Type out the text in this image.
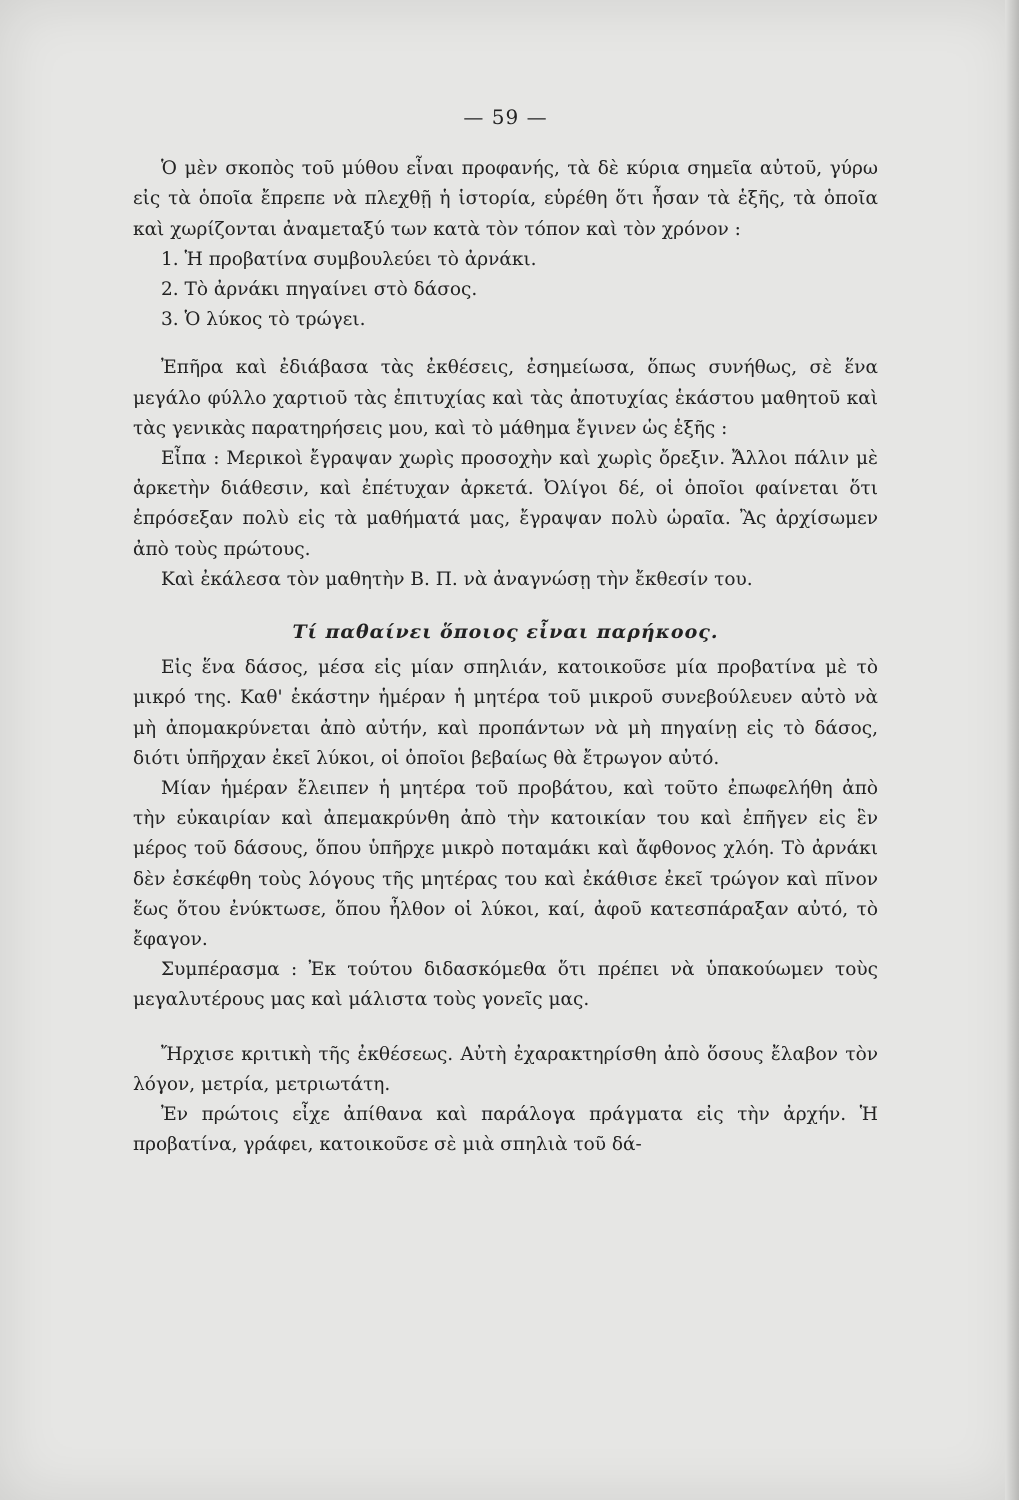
— 59 —

Ὁ μὲν σκοπὸς τοῦ μύθου εἶναι προφανής, τὰ δὲ κύρια σημεῖα αὐτοῦ, γύρω εἰς τὰ ὁποῖα ἔπρεπε νὰ πλεχθῇ ἡ ἱστορία, εὑρέθη ὅτι ἦσαν τὰ ἑξῆς, τὰ ὁποῖα καὶ χωρίζονται ἀναμεταξύ των κατὰ τὸν τόπον καὶ τὸν χρόνον :

1. Ἡ προβατίνα συμβουλεύει τὸ ἀρνάκι.

2. Τὸ ἀρνάκι πηγαίνει στὸ δάσος.

3. Ὁ λύκος τὸ τρώγει.

Ἐπῆρα καὶ ἐδιάβασα τὰς ἐκθέσεις, ἐσημείωσα, ὅπως συνήθως, σὲ ἕνα μεγάλο φύλλο χαρτιοῦ τὰς ἐπιτυχίας καὶ τὰς ἀποτυχίας ἑκάστου μαθητοῦ καὶ τὰς γενικὰς παρατηρήσεις μου, καὶ τὸ μάθημα ἔγινεν ὡς ἑξῆς :

Εἶπα : Μερικοὶ ἔγραψαν χωρὶς προσοχὴν καὶ χωρὶς ὄρεξιν. Ἄλλοι πάλιν μὲ ἀρκετὴν διάθεσιν, καὶ ἐπέτυχαν ἀρκετά. Ὀλίγοι δέ, οἱ ὁποῖοι φαίνεται ὅτι ἐπρόσεξαν πολὺ εἰς τὰ μαθήματά μας, ἔγραψαν πολὺ ὡραῖα. Ἂς ἀρχίσωμεν ἀπὸ τοὺς πρώτους.

Καὶ ἐκάλεσα τὸν μαθητὴν Β. Π. νὰ ἀναγνώσῃ τὴν ἔκθεσίν του.

Τί παθαίνει ὅποιος εἶναι παρήκοος.

Εἰς ἕνα δάσος, μέσα εἰς μίαν σπηλιάν, κατοικοῦσε μία προβατίνα μὲ τὸ μικρό της. Καθ' ἑκάστην ἡμέραν ἡ μητέρα τοῦ μικροῦ συνεβούλευεν αὐτὸ νὰ μὴ ἀπομακρύνεται ἀπὸ αὐτήν, καὶ προπάντων νὰ μὴ πηγαίνῃ εἰς τὸ δάσος, διότι ὑπῆρχαν ἐκεῖ λύκοι, οἱ ὁποῖοι βεβαίως θὰ ἔτρωγον αὐτό.

Μίαν ἡμέραν ἔλειπεν ἡ μητέρα τοῦ προβάτου, καὶ τοῦτο ἐπωφελήθη ἀπὸ τὴν εὐκαιρίαν καὶ ἀπεμακρύνθη ἀπὸ τὴν κατοικίαν του καὶ ἐπῆγεν εἰς ἓν μέρος τοῦ δάσους, ὅπου ὑπῆρχε μικρὸ ποταμάκι καὶ ἄφθονος χλόη. Τὸ ἀρνάκι δὲν ἐσκέφθη τοὺς λόγους τῆς μητέρας του καὶ ἐκάθισε ἐκεῖ τρώγον καὶ πῖνον ἕως ὅτου ἐνύκτωσε, ὅπου ἦλθον οἱ λύκοι, καί, ἀφοῦ κατεσπάραξαν αὐτό, τὸ ἔφαγον.

Συμπέρασμα : Ἐκ τούτου διδασκόμεθα ὅτι πρέπει νὰ ὑπακούωμεν τοὺς μεγαλυτέρους μας καὶ μάλιστα τοὺς γονεῖς μας.

Ἤρχισε κριτικὴ τῆς ἐκθέσεως. Αὐτὴ ἐχαρακτηρίσθη ἀπὸ ὅσους ἔλαβον τὸν λόγον, μετρία, μετριωτάτη.

Ἐν πρώτοις εἶχε ἀπίθανα καὶ παράλογα πράγματα εἰς τὴν ἀρχήν. Ἡ προβατίνα, γράφει, κατοικοῦσε σὲ μιὰ σπηλιὰ τοῦ δά-
